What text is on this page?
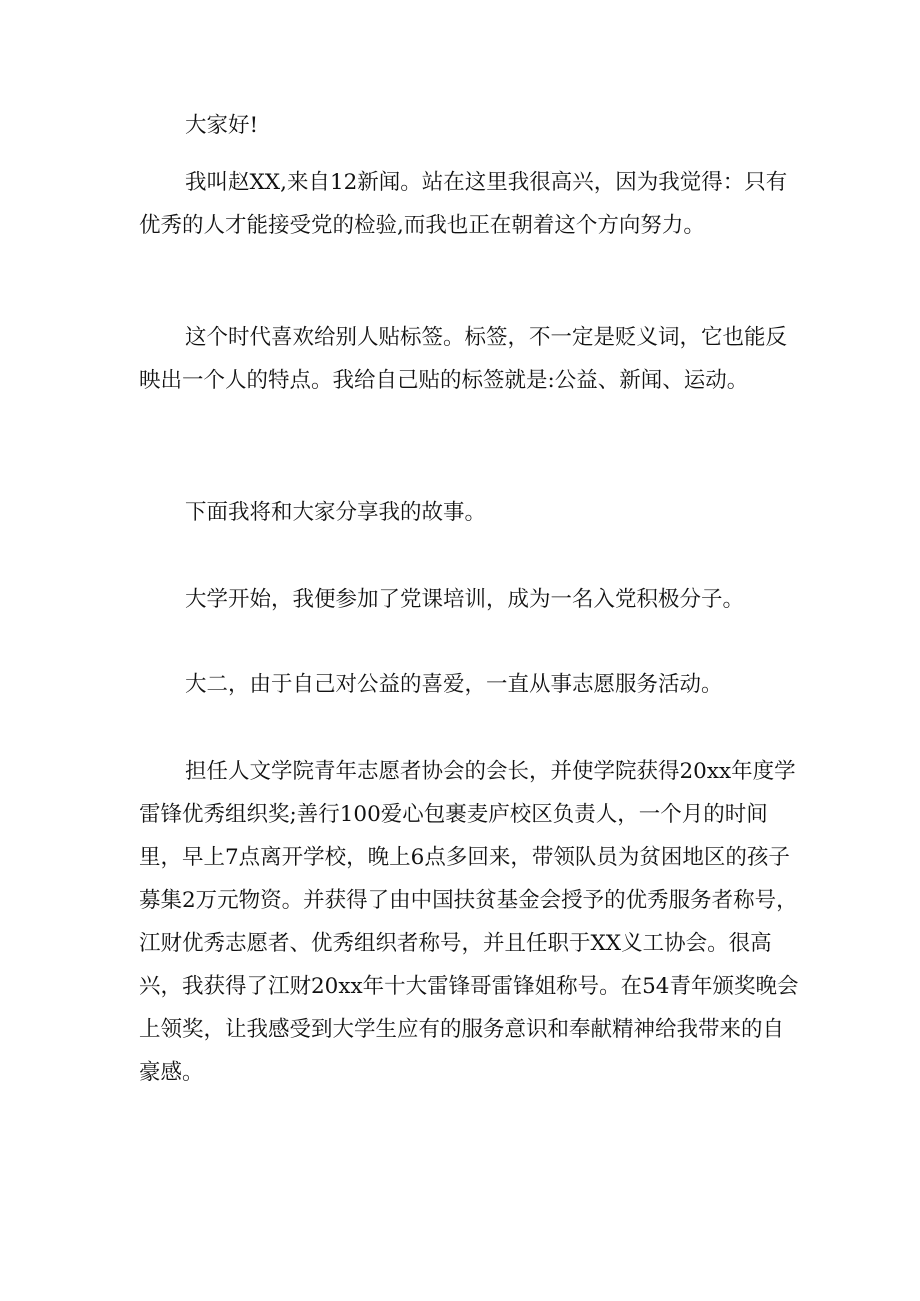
大家好!

我叫赵XX,来自12新闻。站在这里我很高兴，因为我觉得：只有优秀的人才能接受党的检验,而我也正在朝着这个方向努力。

这个时代喜欢给别人贴标签。标签，不一定是贬义词，它也能反映出一个人的特点。我给自己贴的标签就是:公益、新闻、运动。

下面我将和大家分享我的故事。

大学开始，我便参加了党课培训，成为一名入党积极分子。

大二，由于自己对公益的喜爱，一直从事志愿服务活动。

担任人文学院青年志愿者协会的会长，并使学院获得20xx年度学雷锋优秀组织奖;善行100爱心包裹麦庐校区负责人，一个月的时间里，早上7点离开学校，晚上6点多回来，带领队员为贫困地区的孩子募集2万元物资。并获得了由中国扶贫基金会授予的优秀服务者称号，江财优秀志愿者、优秀组织者称号，并且任职于XX义工协会。很高兴，我获得了江财20xx年十大雷锋哥雷锋姐称号。在54青年颁奖晚会上领奖，让我感受到大学生应有的服务意识和奉献精神给我带来的自豪感。
